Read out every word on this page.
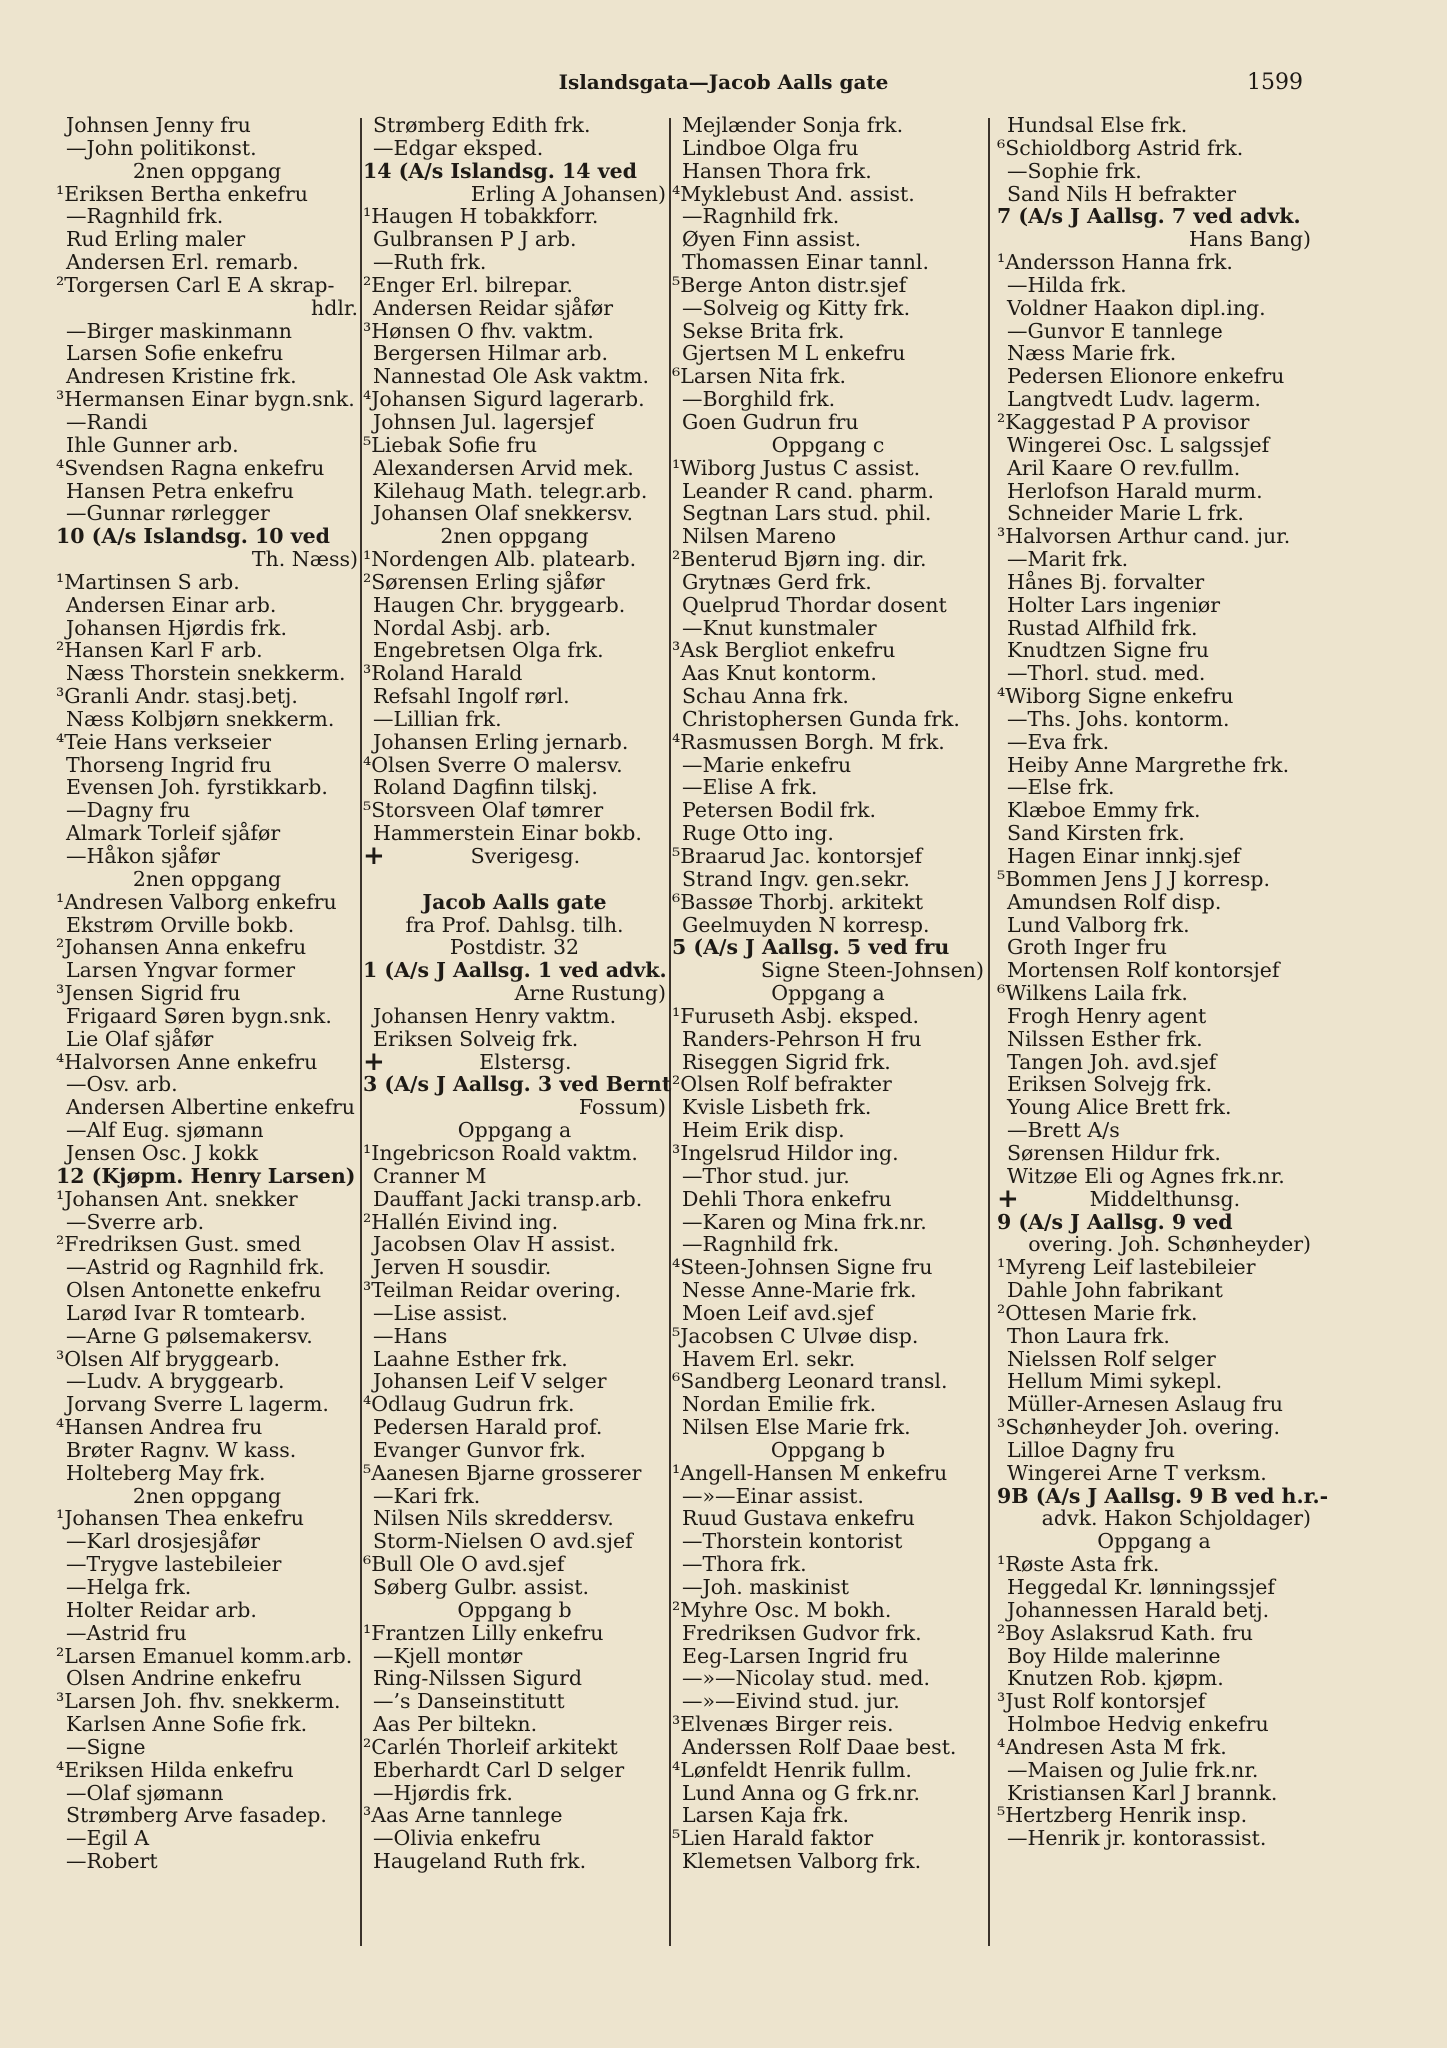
Islandsgata—Jacob Aalls gate	1599
Johnsen Jenny fru
—John politikonst.
2nen oppgang
¹Eriksen Bertha enkefru
—Ragnhild frk.
Rud Erling maler
Andersen Erl. remarb.
²Torgersen Carl E A skrap-
hdlr.
—Birger maskinmann
Larsen Sofie enkefru
Andresen Kristine frk.
³Hermansen Einar bygn.snk.
—Randi
Ihle Gunner arb.
⁴Svendsen Ragna enkefru
Hansen Petra enkefru
—Gunnar rørlegger
10 (A/s Islandsg. 10 ved
Th. Næss)
¹Martinsen S arb.
Andersen Einar arb.
Johansen Hjørdis frk.
²Hansen Karl F arb.
Næss Thorstein snekkerm.
³Granli Andr. stasj.betj.
Næss Kolbjørn snekkerm.
⁴Teie Hans verkseier
Thorseng Ingrid fru
Evensen Joh. fyrstikkarb.
—Dagny fru
Almark Torleif sjåfør
—Håkon sjåfør
2nen oppgang
¹Andresen Valborg enkefru
Ekstrøm Orville bokb.
²Johansen Anna enkefru
Larsen Yngvar former
³Jensen Sigrid fru
Frigaard Søren bygn.snk.
Lie Olaf sjåfør
⁴Halvorsen Anne enkefru
—Osv. arb.
Andersen Albertine enkefru
—Alf Eug. sjømann
Jensen Osc. J kokk
12 (Kjøpm. Henry Larsen)
¹Johansen Ant. snekker
—Sverre arb.
²Fredriksen Gust. smed
—Astrid og Ragnhild frk.
Olsen Antonette enkefru
Larød Ivar R tomtearb.
—Arne G pølsemakersv.
³Olsen Alf bryggearb.
—Ludv. A bryggearb.
Jorvang Sverre L lagerm.
⁴Hansen Andrea fru
Brøter Ragnv. W kass.
Holteberg May frk.
2nen oppgang
¹Johansen Thea enkefru
—Karl drosjesjåfør
—Trygve lastebileier
—Helga frk.
Holter Reidar arb.
—Astrid fru
²Larsen Emanuel komm.arb.
Olsen Andrine enkefru
³Larsen Joh. fhv. snekkerm.
Karlsen Anne Sofie frk.
—Signe
⁴Eriksen Hilda enkefru
—Olaf sjømann
Strømberg Arve fasadep.
—Egil A
—Robert
Strømberg Edith frk.
—Edgar eksped.
14 (A/s Islandsg. 14 ved
Erling A Johansen)
¹Haugen H tobakkforr.
Gulbransen P J arb.
—Ruth frk.
²Enger Erl. bilrepar.
Andersen Reidar sjåfør
³Hønsen O fhv. vaktm.
Bergersen Hilmar arb.
Nannestad Ole Ask vaktm.
⁴Johansen Sigurd lagerarb.
Johnsen Jul. lagersjef
⁵Liebak Sofie fru
Alexandersen Arvid mek.
Kilehaug Math. telegr.arb.
Johansen Olaf snekkersv.
2nen oppgang
¹Nordengen Alb. platearb.
²Sørensen Erling sjåfør
Haugen Chr. bryggearb.
Nordal Asbj. arb.
Engebretsen Olga frk.
³Roland Harald
Refsahl Ingolf rørl.
—Lillian frk.
Johansen Erling jernarb.
⁴Olsen Sverre O malersv.
Roland Dagfinn tilskj.
⁵Storsveen Olaf tømrer
Hammerstein Einar bokb.
+	Sverigesg.
Jacob Aalls gate
fra Prof. Dahlsg. tilh.
Postdistr. 32
1 (A/s J Aallsg. 1 ved advk.
Arne Rustung)
Johansen Henry vaktm.
Eriksen Solveig frk.
+	Elstersg.
3 (A/s J Aallsg. 3 ved Bernt
Fossum)
Oppgang a
¹Ingebricson Roald vaktm.
Cranner M
Dauffant Jacki transp.arb.
²Hallén Eivind ing.
Jacobsen Olav H assist.
Jerven H sousdir.
³Teilman Reidar overing.
—Lise assist.
—Hans
Laahne Esther frk.
Johansen Leif V selger
⁴Odlaug Gudrun frk.
Pedersen Harald prof.
Evanger Gunvor frk.
⁵Aanesen Bjarne grosserer
—Kari frk.
Nilsen Nils skreddersv.
Storm-Nielsen O avd.sjef
⁶Bull Ole O avd.sjef
Søberg Gulbr. assist.
Oppgang b
¹Frantzen Lilly enkefru
—Kjell montør
Ring-Nilssen Sigurd
—’s Danseinstitutt
Aas Per biltekn.
²Carlén Thorleif arkitekt
Eberhardt Carl D selger
—Hjørdis frk.
³Aas Arne tannlege
—Olivia enkefru
Haugeland Ruth frk.
Mejlænder Sonja frk.
Lindboe Olga fru
Hansen Thora frk.
⁴Myklebust And. assist.
—Ragnhild frk.
Øyen Finn assist.
Thomassen Einar tannl.
⁵Berge Anton distr.sjef
—Solveig og Kitty frk.
Sekse Brita frk.
Gjertsen M L enkefru
⁶Larsen Nita frk.
—Borghild frk.
Goen Gudrun fru
Oppgang c
¹Wiborg Justus C assist.
Leander R cand. pharm.
Segtnan Lars stud. phil.
Nilsen Mareno
²Benterud Bjørn ing. dir.
Grytnæs Gerd frk.
Quelprud Thordar dosent
—Knut kunstmaler
³Ask Bergliot enkefru
Aas Knut kontorm.
Schau Anna frk.
Christophersen Gunda frk.
⁴Rasmussen Borgh. M frk.
—Marie enkefru
—Elise A frk.
Petersen Bodil frk.
Ruge Otto ing.
⁵Braarud Jac. kontorsjef
Strand Ingv. gen.sekr.
⁶Bassøe Thorbj. arkitekt
Geelmuyden N korresp.
5 (A/s J Aallsg. 5 ved fru
Signe Steen-Johnsen)
Oppgang a
¹Furuseth Asbj. eksped.
Randers-Pehrson H fru
Riseggen Sigrid frk.
²Olsen Rolf befrakter
Kvisle Lisbeth frk.
Heim Erik disp.
³Ingelsrud Hildor ing.
—Thor stud. jur.
Dehli Thora enkefru
—Karen og Mina frk.nr.
—Ragnhild frk.
⁴Steen-Johnsen Signe fru
Nesse Anne-Marie frk.
Moen Leif avd.sjef
⁵Jacobsen C Ulvøe disp.
Havem Erl. sekr.
⁶Sandberg Leonard transl.
Nordan Emilie frk.
Nilsen Else Marie frk.
Oppgang b
¹Angell-Hansen M enkefru
—»—Einar assist.
Ruud Gustava enkefru
—Thorstein kontorist
—Thora frk.
—Joh. maskinist
²Myhre Osc. M bokh.
Fredriksen Gudvor frk.
Eeg-Larsen Ingrid fru
—»—Nicolay stud. med.
—»—Eivind stud. jur.
³Elvenæs Birger reis.
Anderssen Rolf Daae best.
⁴Lønfeldt Henrik fullm.
Lund Anna og G frk.nr.
Larsen Kaja frk.
⁵Lien Harald faktor
Klemetsen Valborg frk.
Hundsal Else frk.
⁶Schioldborg Astrid frk.
—Sophie frk.
Sand Nils H befrakter
7 (A/s J Aallsg. 7 ved advk.
Hans Bang)
¹Andersson Hanna frk.
—Hilda frk.
Voldner Haakon dipl.ing.
—Gunvor E tannlege
Næss Marie frk.
Pedersen Elionore enkefru
Langtvedt Ludv. lagerm.
²Kaggestad P A provisor
Wingerei Osc. L salgssjef
Aril Kaare O rev.fullm.
Herlofson Harald murm.
Schneider Marie L frk.
³Halvorsen Arthur cand. jur.
—Marit frk.
Hånes Bj. forvalter
Holter Lars ingeniør
Rustad Alfhild frk.
Knudtzen Signe fru
—Thorl. stud. med.
⁴Wiborg Signe enkefru
—Ths. Johs. kontorm.
—Eva frk.
Heiby Anne Margrethe frk.
—Else frk.
Klæboe Emmy frk.
Sand Kirsten frk.
Hagen Einar innkj.sjef
⁵Bommen Jens J J korresp.
Amundsen Rolf disp.
Lund Valborg frk.
Groth Inger fru
Mortensen Rolf kontorsjef
⁶Wilkens Laila frk.
Frogh Henry agent
Nilssen Esther frk.
Tangen Joh. avd.sjef
Eriksen Solvejg frk.
Young Alice Brett frk.
—Brett A/s
Sørensen Hildur frk.
Witzøe Eli og Agnes frk.nr.
+	Middelthunsg.
9 (A/s J Aallsg. 9 ved
overing. Joh. Schønheyder)
¹Myreng Leif lastebileier
Dahle John fabrikant
²Ottesen Marie frk.
Thon Laura frk.
Nielssen Rolf selger
Hellum Mimi sykepl.
Müller-Arnesen Aslaug fru
³Schønheyder Joh. overing.
Lilloe Dagny fru
Wingerei Arne T verksm.
9B (A/s J Aallsg. 9 B ved h.r.-
advk. Hakon Schjoldager)
Oppgang a
¹Røste Asta frk.
Heggedal Kr. lønningssjef
Johannessen Harald betj.
²Boy Aslaksrud Kath. fru
Boy Hilde malerinne
Knutzen Rob. kjøpm.
³Just Rolf kontorsjef
Holmboe Hedvig enkefru
⁴Andresen Asta M frk.
—Maisen og Julie frk.nr.
Kristiansen Karl J brannk.
⁵Hertzberg Henrik insp.
—Henrik jr. kontorassist.
